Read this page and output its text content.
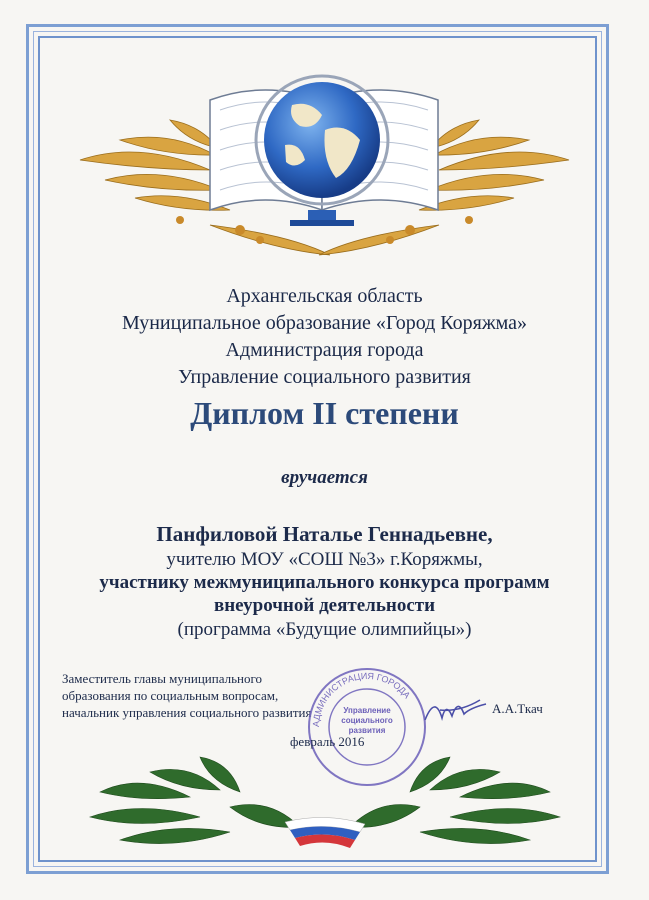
Архангельская область
Муниципальное образование «Город Коряжма»
Администрация города
Управление социального развития
Диплом II степени
вручается
Панфиловой Наталье Геннадьевне,
учителю МОУ «СОШ №3» г.Коряжмы,
участнику межмуниципального конкурса программ
внеурочной деятельности
(программа «Будущие олимпийцы»)
Заместитель главы муниципального
образования по социальным вопросам,
начальник управления социального развития
АДМИНИСТРАЦИЯ ГОРОДА
Управление социального развития
А.А.Ткач
февраль 2016
